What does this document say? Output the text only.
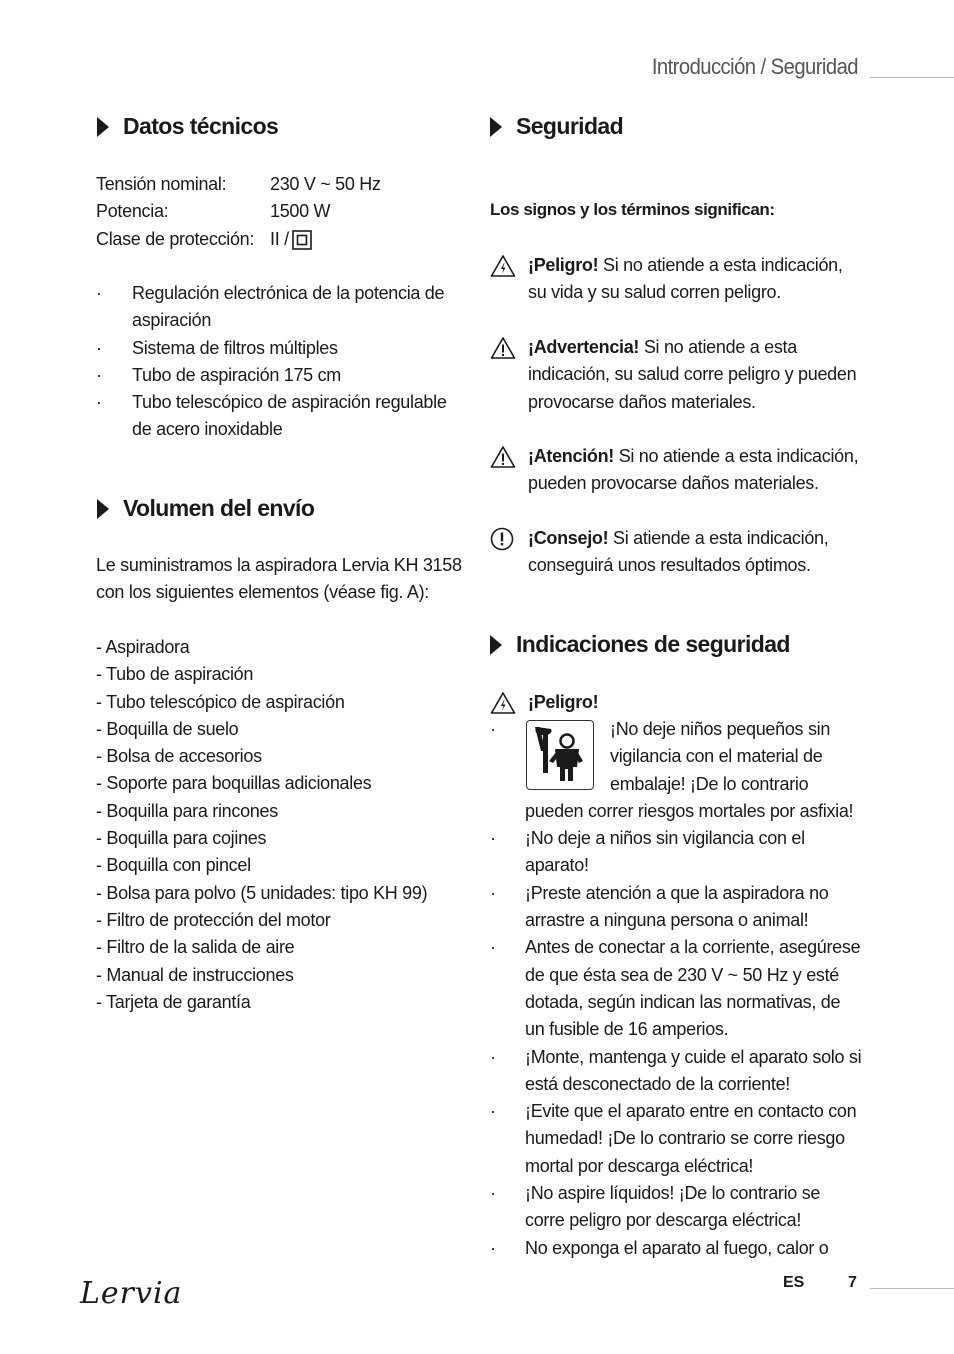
Introducción / Seguridad
Datos técnicos
Tensión nominal:	230 V ~ 50 Hz
Potencia:	1500 W
Clase de protección: II /
· Regulación electrónica de la potencia de aspiración
· Sistema de filtros múltiples
· Tubo de aspiración 175 cm
· Tubo telescópico de aspiración regulable de acero inoxidable
Volumen del envío
Le suministramos la aspiradora Lervia KH 3158 con los siguientes elementos (véase fig. A):
- Aspiradora
- Tubo de aspiración
- Tubo telescópico de aspiración
- Boquilla de suelo
- Bolsa de accesorios
- Soporte para boquillas adicionales
- Boquilla para rincones
- Boquilla para cojines
- Boquilla con pincel
- Bolsa para polvo (5 unidades: tipo KH 99)
- Filtro de protección del motor
- Filtro de la salida de aire
- Manual de instrucciones
- Tarjeta de garantía
Seguridad
Los signos y los términos significan:
¡Peligro! Si no atiende a esta indicación, su vida y su salud corren peligro.
¡Advertencia! Si no atiende a esta indicación, su salud corre peligro y pueden provocarse daños materiales.
¡Atención! Si no atiende a esta indicación, pueden provocarse daños materiales.
¡Consejo! Si atiende a esta indicación, conseguirá unos resultados óptimos.
Indicaciones de seguridad
¡Peligro!
·	¡No deje niños pequeños sin vigilancia con el material de embalaje! ¡De lo contrario pueden correr riesgos mortales por asfixia!
· ¡No deje a niños sin vigilancia con el aparato!
· ¡Preste atención a que la aspiradora no arrastre a ninguna persona o animal!
· Antes de conectar a la corriente, asegúrese de que ésta sea de 230 V ~ 50 Hz y esté dotada, según indican las normativas, de un fusible de 16 amperios.
· ¡Monte, mantenga y cuide el aparato solo si está desconectado de la corriente!
· ¡Evite que el aparato entre en contacto con humedad! ¡De lo contrario se corre riesgo mortal por descarga eléctrica!
· ¡No aspire líquidos! ¡De lo contrario se corre peligro por descarga eléctrica!
· No exponga el aparato al fuego, calor o
Lervia	ES	7
